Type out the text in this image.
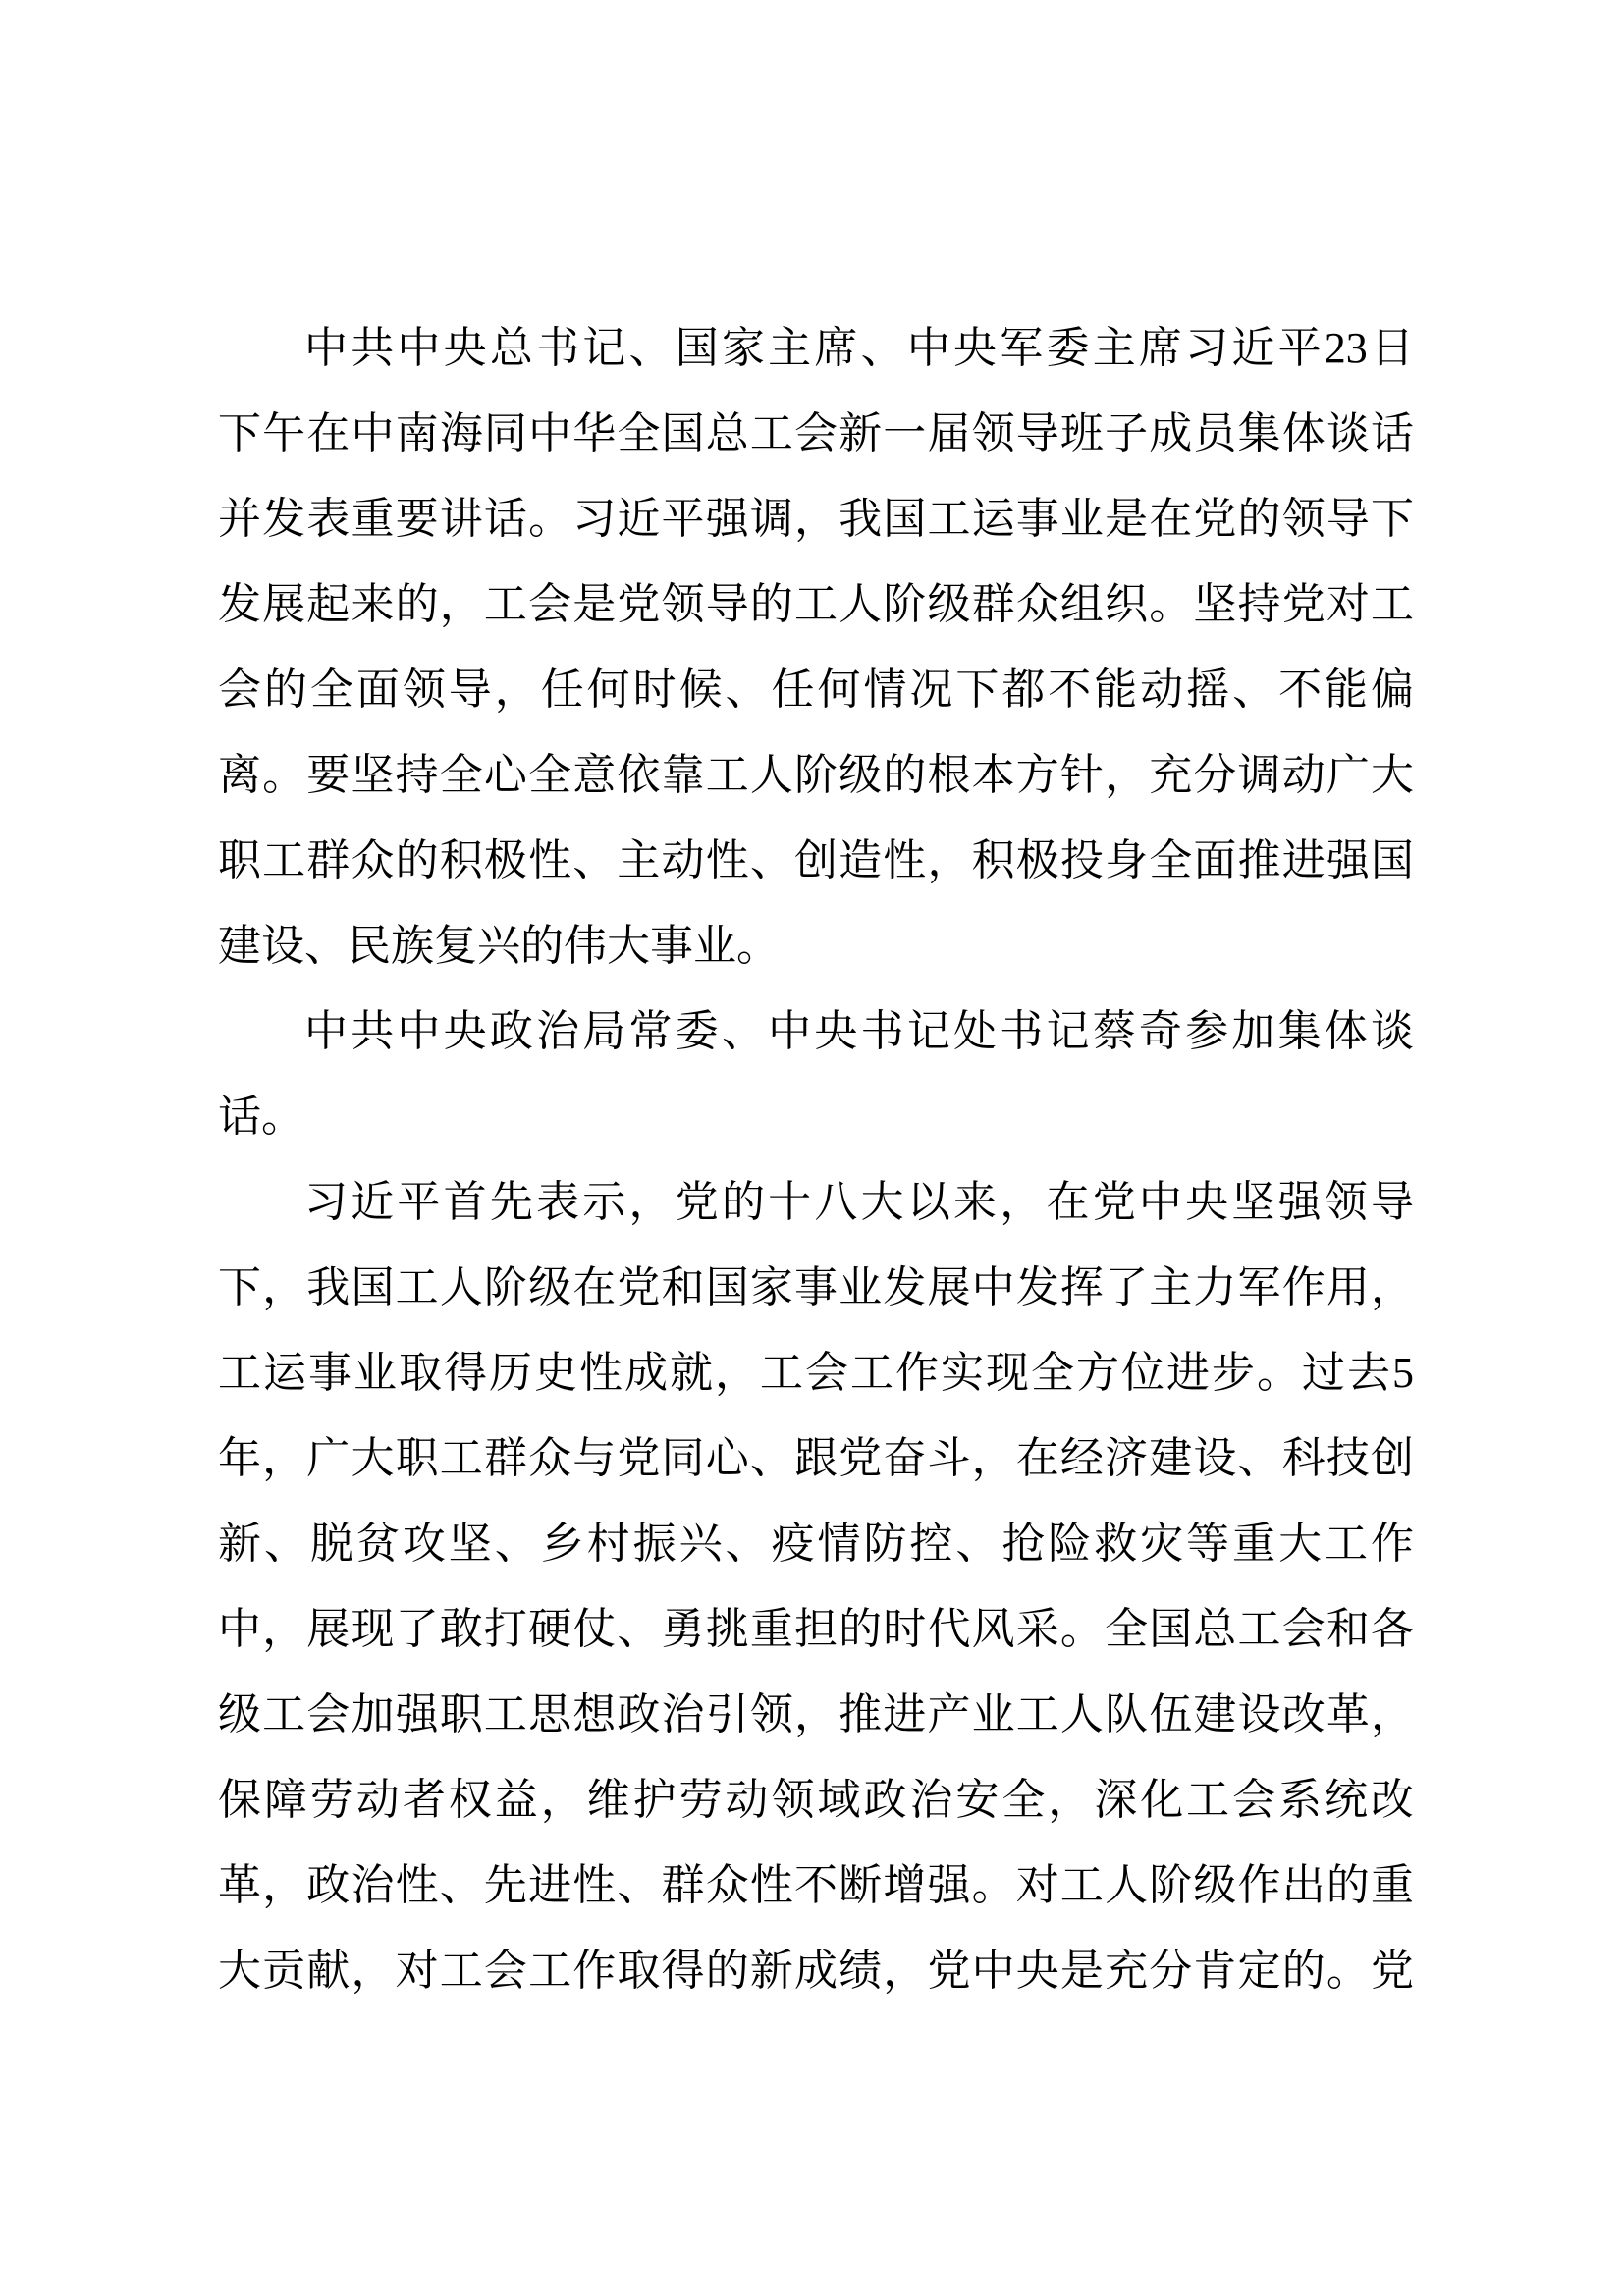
中共中央总书记、国家主席、中央军委主席习近平23日
下午在中南海同中华全国总工会新一届领导班子成员集体谈话
并发表重要讲话。习近平强调，我国工运事业是在党的领导下
发展起来的，工会是党领导的工人阶级群众组织。坚持党对工
会的全面领导，任何时候、任何情况下都不能动摇、不能偏
离。要坚持全心全意依靠工人阶级的根本方针，充分调动广大
职工群众的积极性、主动性、创造性，积极投身全面推进强国
建设、民族复兴的伟大事业。
中共中央政治局常委、中央书记处书记蔡奇参加集体谈
话。
习近平首先表示，党的十八大以来，在党中央坚强领导
下，我国工人阶级在党和国家事业发展中发挥了主力军作用，
工运事业取得历史性成就，工会工作实现全方位进步。过去5
年，广大职工群众与党同心、跟党奋斗，在经济建设、科技创
新、脱贫攻坚、乡村振兴、疫情防控、抢险救灾等重大工作
中，展现了敢打硬仗、勇挑重担的时代风采。全国总工会和各
级工会加强职工思想政治引领，推进产业工人队伍建设改革，
保障劳动者权益，维护劳动领域政治安全，深化工会系统改
革，政治性、先进性、群众性不断增强。对工人阶级作出的重
大贡献，对工会工作取得的新成绩，党中央是充分肯定的。党
